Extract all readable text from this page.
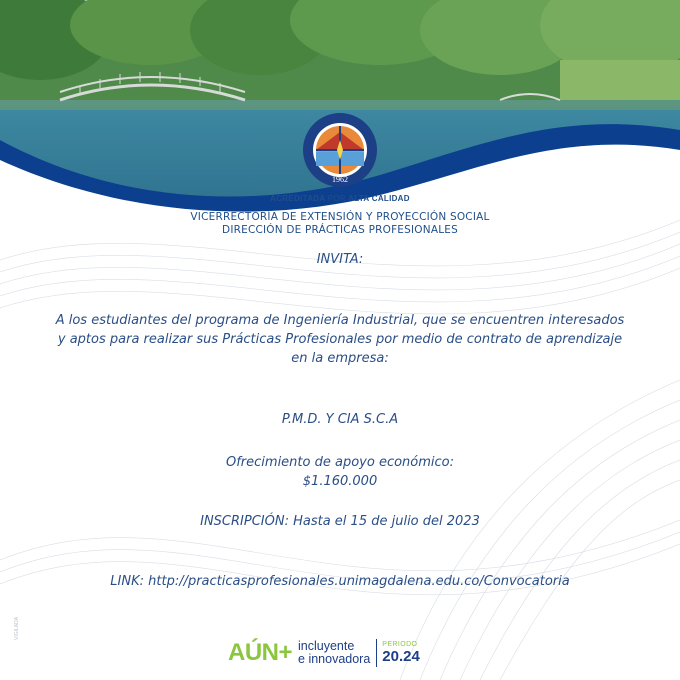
1962
ACREDITADA POR ALTA CALIDAD
VICERRECTORÍA DE EXTENSIÓN Y PROYECCIÓN SOCIAL
DIRECCIÓN DE PRÁCTICAS PROFESIONALES
INVITA:
A los estudiantes del programa de Ingeniería Industrial, que se encuentren interesados
y aptos para realizar sus Prácticas Profesionales por medio de contrato de aprendizaje
en la empresa:
P.M.D. Y CIA S.C.A
Ofrecimiento de apoyo económico:
$1.160.000
INSCRIPCIÓN: Hasta el 15 de julio del 2023
LINK: http://practicasprofesionales.unimagdalena.edu.co/Convocatoria
VIGILADA
AÚN+ incluyente
e innovadora
PERIODO
20.24
